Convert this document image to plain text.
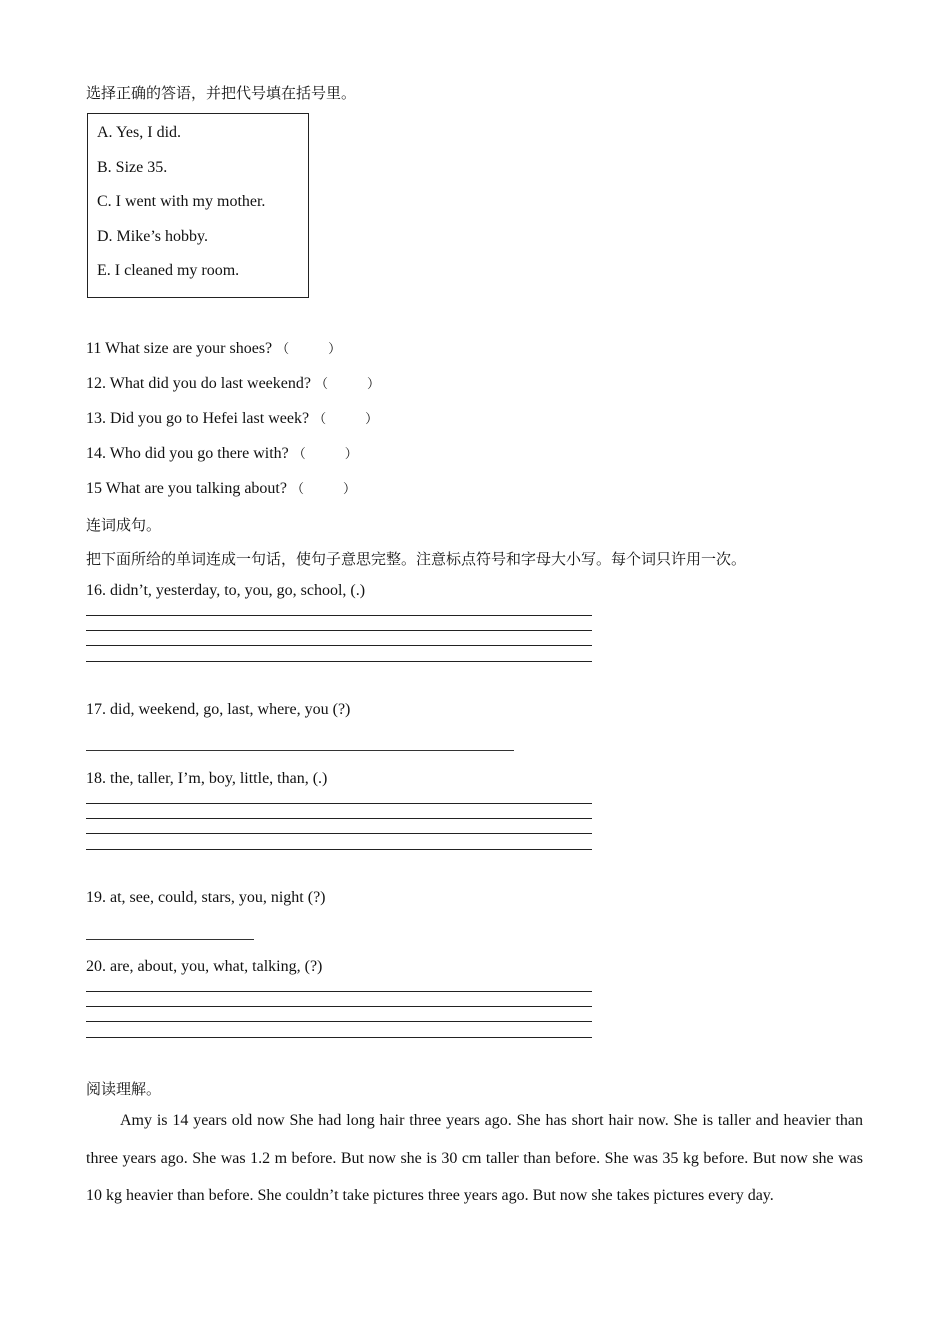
选择正确的答语，并把代号填在括号里。
A. Yes, I did.
B. Size 35.
C. I went with my mother.
D. Mike’s hobby.
E. I cleaned my room.
11 What size are your shoes? （　　　）
12. What did you do last weekend? （　　　）
13. Did you go to Hefei last week? （　　　）
14. Who did you go there with? （　　　）
15 What are you talking about? （　　　）
连词成句。
把下面所给的单词连成一句话，使句子意思完整。注意标点符号和字母大小写。每个词只许用一次。
16. didn’t, yesterday, to, you, go, school, (.)
17. did, weekend, go, last, where, you (?)
18. the, taller, I’m, boy, little, than, (.)
19. at, see, could, stars, you, night (?)
20. are, about, you, what, talking, (?)
阅读理解。
Amy is 14 years old now She had long hair three years ago. She has short hair now. She is taller and heavier than three years ago. She was 1.2 m before. But now she is 30 cm taller than before. She was 35 kg before. But now she was 10 kg heavier than before. She couldn’t take pictures three years ago. But now she takes pictures every day.
